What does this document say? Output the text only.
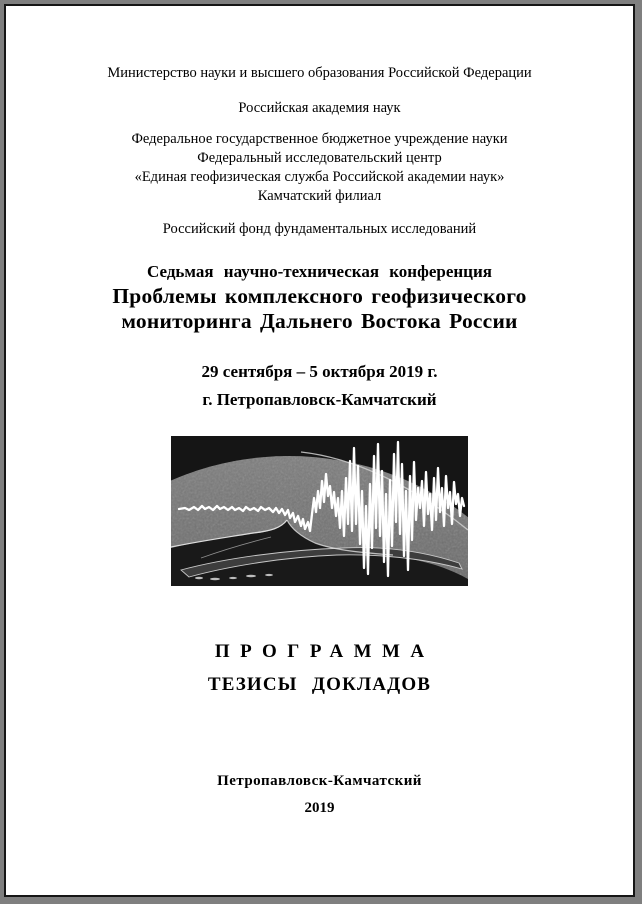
Министерство науки и высшего образования Российской Федерации
Российская академия наук
Федеральное государственное бюджетное учреждение науки
Федеральный исследовательский центр
«Единая геофизическая служба Российской академии наук»
Камчатский филиал
Российский фонд фундаментальных исследований
Седьмая научно-техническая конференция
Проблемы комплексного геофизического
мониторинга Дальнего Востока России
29 сентября – 5 октября 2019 г.
г. Петропавловск-Камчатский
ПРОГРАММА
ТЕЗИСЫ ДОКЛАДОВ
Петропавловск-Камчатский
2019
